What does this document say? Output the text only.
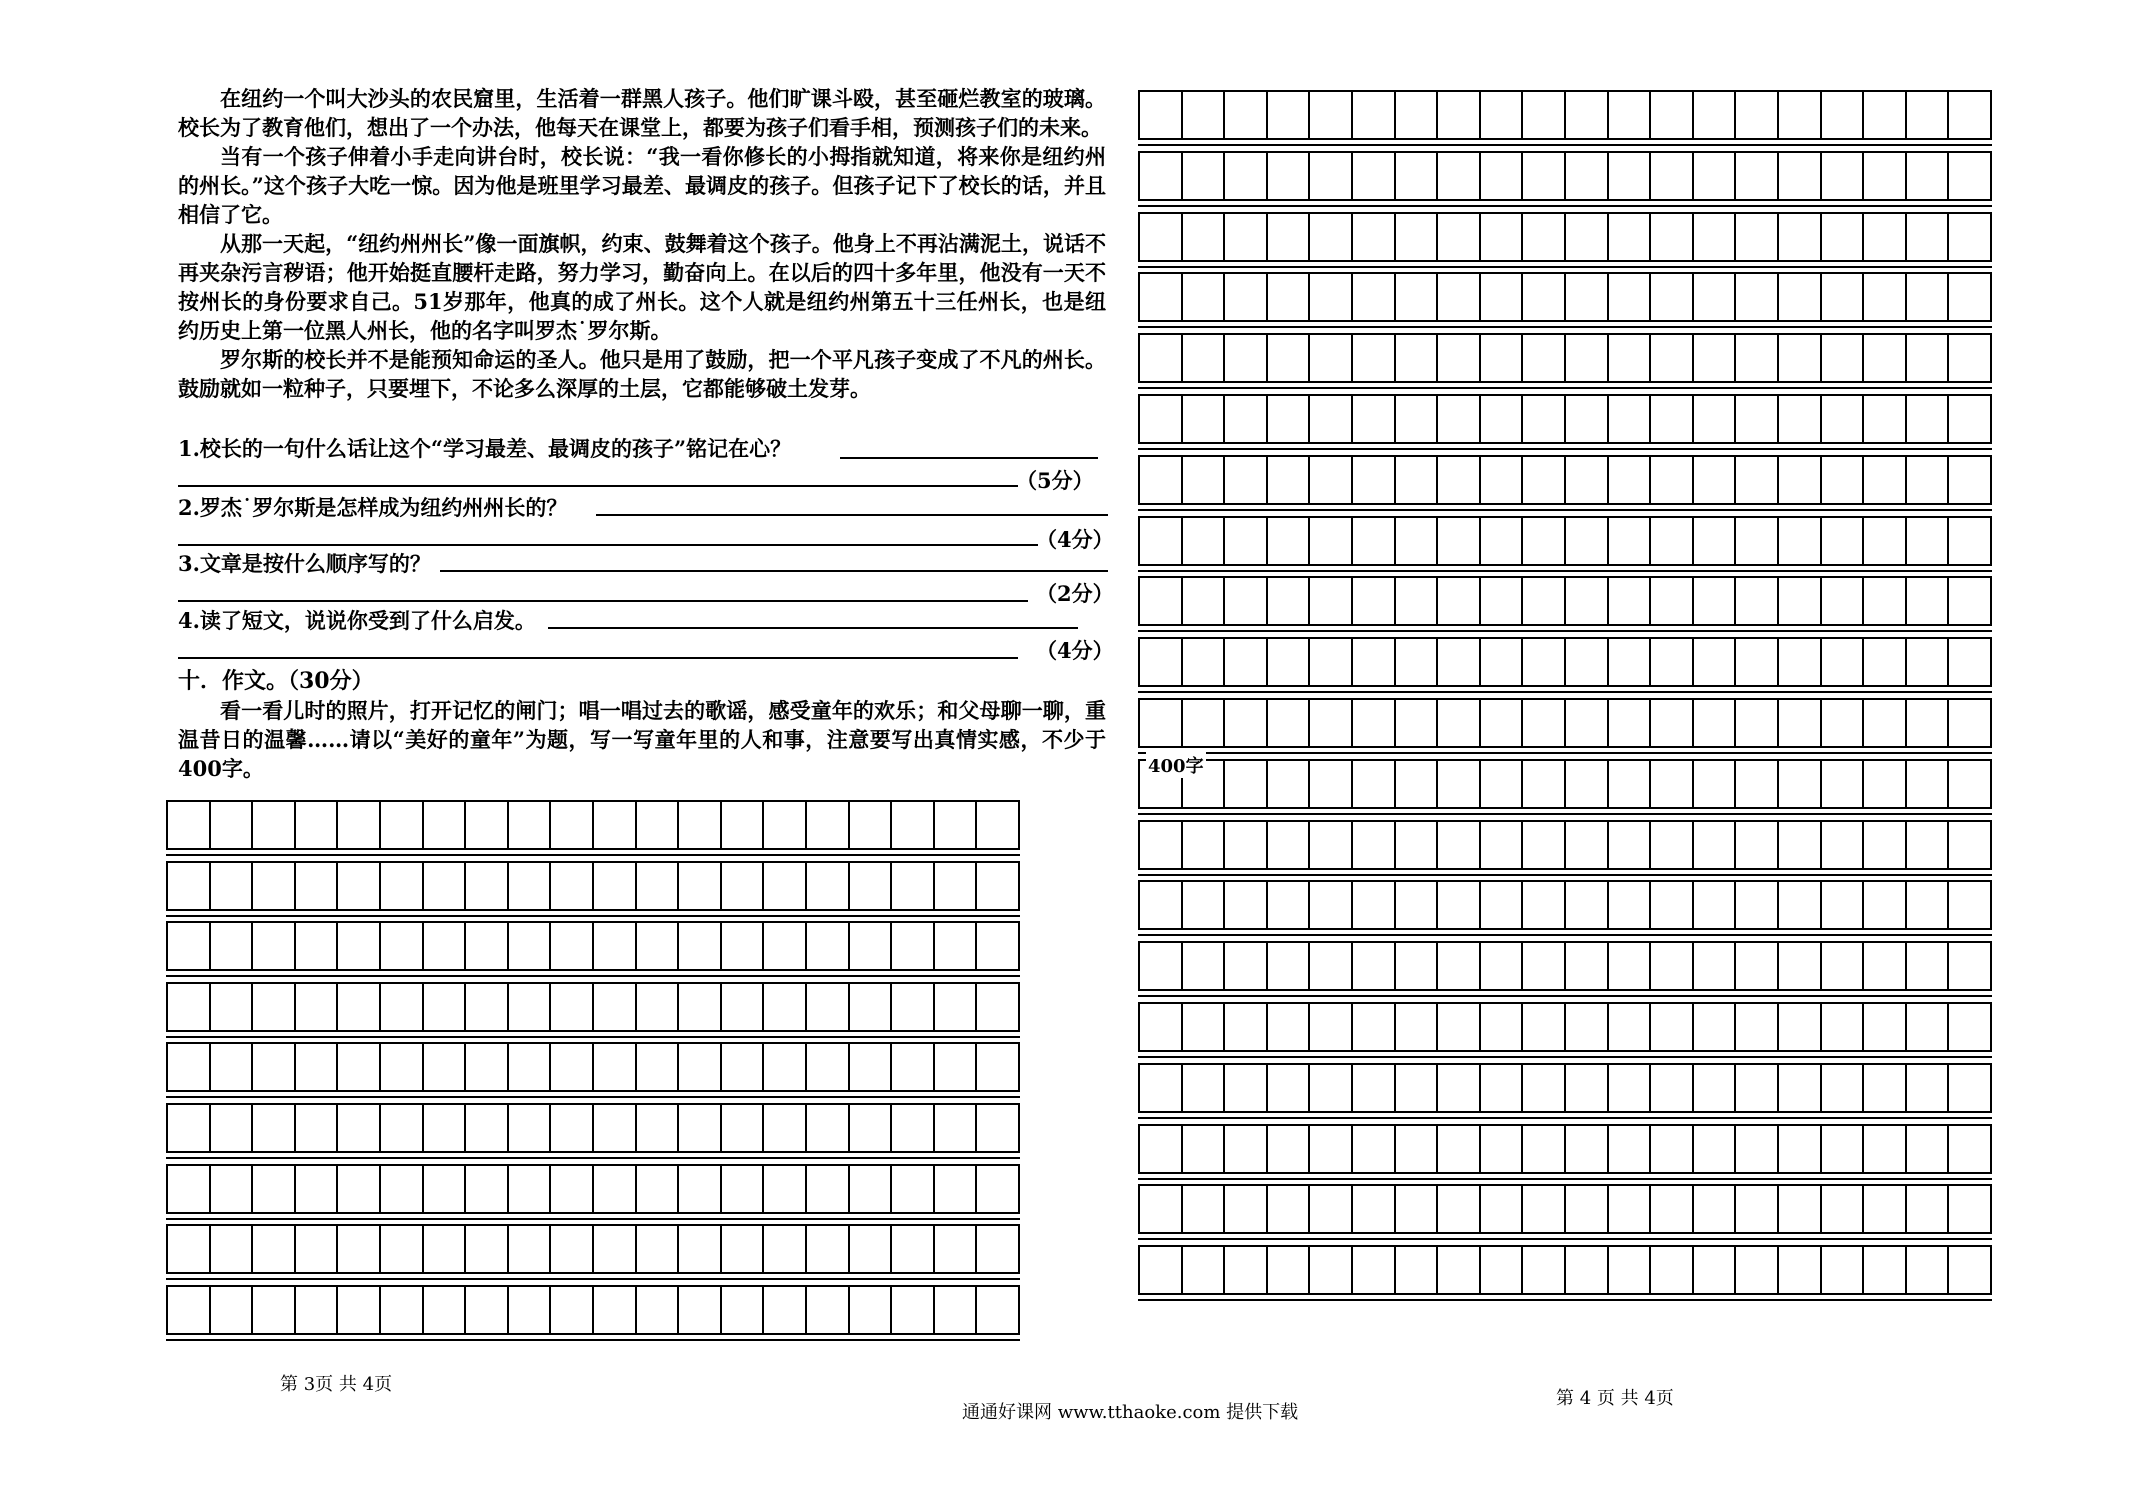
在纽约一个叫大沙头的农民窟里，生活着一群黑人孩子。他们旷课斗殴，甚至砸烂教室的玻璃。校长为了教育他们，想出了一个办法，他每天在课堂上，都要为孩子们看手相，预测孩子们的未来。

当有一个孩子伸着小手走向讲台时，校长说：“我一看你修长的小拇指就知道，将来你是纽约州的州长。”这个孩子大吃一惊。因为他是班里学习最差、最调皮的孩子。但孩子记下了校长的话，并且相信了它。

从那一天起，“纽约州州长”像一面旗帜，约束、鼓舞着这个孩子。他身上不再沾满泥土，说话不再夹杂污言秽语；他开始挺直腰杆走路，努力学习，勤奋向上。在以后的四十多年里，他没有一天不按州长的身份要求自己。51岁那年，他真的成了州长。这个人就是纽约州第五十三任州长，也是纽约历史上第一位黑人州长，他的名字叫罗杰˙罗尔斯。

罗尔斯的校长并不是能预知命运的圣人。他只是用了鼓励，把一个平凡孩子变成了不凡的州长。鼓励就如一粒种子，只要埋下，不论多么深厚的土层，它都能够破土发芽。

1.校长的一句什么话让这个“学习最差、最调皮的孩子”铭记在心？
（5分）
2.罗杰˙罗尔斯是怎样成为纽约州州长的？
（4分）
3.文章是按什么顺序写的？
（2分）
4.读了短文，说说你受到了什么启发。
（4分）
十．作文。（30分）

看一看儿时的照片，打开记忆的闸门；唱一唱过去的歌谣，感受童年的欢乐；和父母聊一聊，重温昔日的温馨……请以“美好的童年”为题，写一写童年里的人和事，注意要写出真情实感，不少于400字。	400字
第 3页 共 4页
通通好课网 www.tthaoke.com 提供下载
第 4 页 共 4页
